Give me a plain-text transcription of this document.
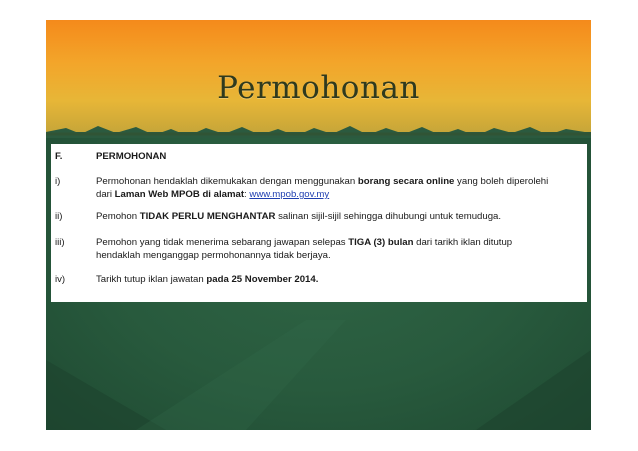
Permohonan
F.	PERMOHONAN
i)	Permohonan hendaklah dikemukakan dengan menggunakan borang secara online yang boleh diperolehi
dari Laman Web MPOB di alamat: www.mpob.gov.my
ii)	Pemohon TIDAK PERLU MENGHANTAR salinan sijil-sijil sehingga dihubungi untuk temuduga.
iii)	Pemohon yang tidak menerima sebarang jawapan selepas TIGA (3) bulan dari tarikh iklan ditutup
hendaklah menganggap permohonannya tidak berjaya.
iv)	Tarikh tutup iklan jawatan pada 25 November 2014.
